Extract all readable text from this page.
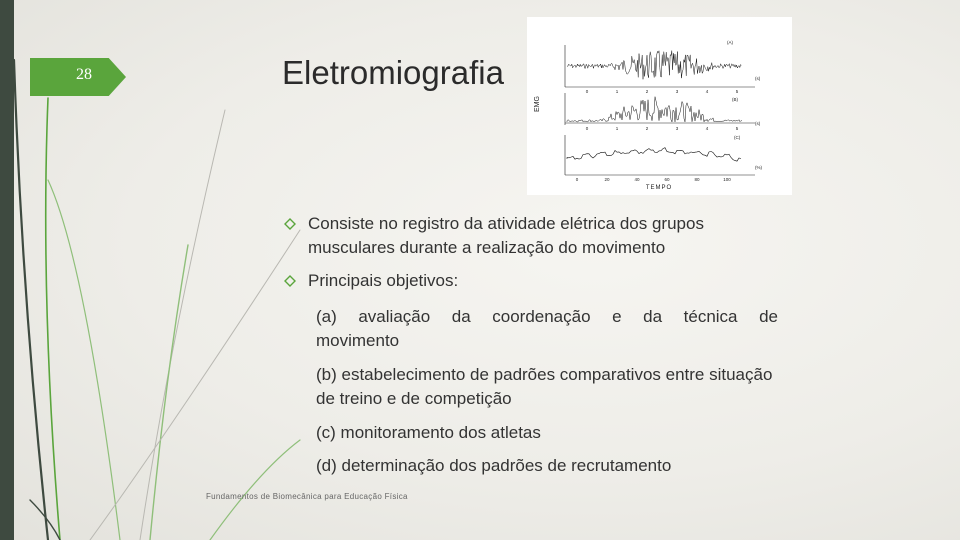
28	Eletromiografia
EMG
0
0
1
1
2
2
3
3
4
4
5
5
0	20	40	60	80	100
(A)
(B)
(C)
(s)
(s)
(%)
TEMPO
Consiste no registro da atividade elétrica dos grupos musculares durante a realização do movimento
Principais objetivos:
(a) avaliação da coordenação e da técnica de
movimento
(b) estabelecimento de padrões comparativos entre situação de treino e de competição
(c) monitoramento dos atletas
(d) determinação dos padrões de recrutamento
Fundamentos de Biomecânica para Educação Física
